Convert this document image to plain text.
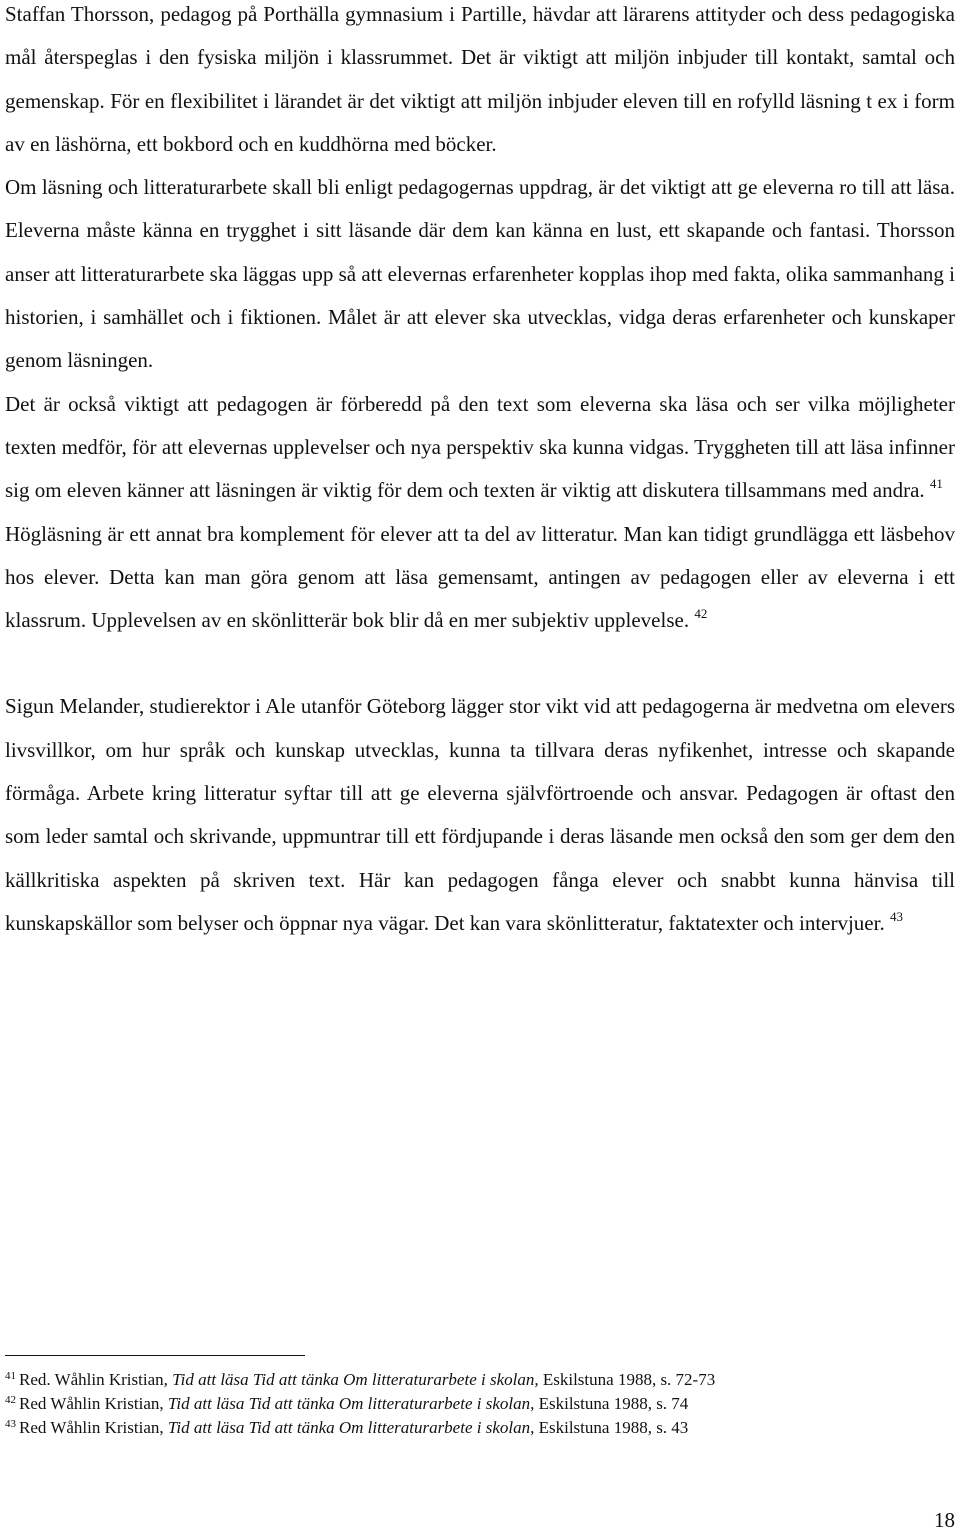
Staffan Thorsson, pedagog på Porthälla gymnasium i Partille, hävdar att lärarens attityder och dess pedagogiska mål återspeglas i den fysiska miljön i klassrummet. Det är viktigt att miljön inbjuder till kontakt, samtal och gemenskap. För en flexibilitet i lärandet är det viktigt att miljön inbjuder eleven till en rofylld läsning t ex i form av en läshörna, ett bokbord och en kuddhörna med böcker.

Om läsning och litteraturarbete skall bli enligt pedagogernas uppdrag, är det viktigt att ge eleverna ro till att läsa. Eleverna måste känna en trygghet i sitt läsande där dem kan känna en lust, ett skapande och fantasi. Thorsson anser att litteraturarbete ska läggas upp så att elevernas erfarenheter kopplas ihop med fakta, olika sammanhang i historien, i samhället och i fiktionen. Målet är att elever ska utvecklas, vidga deras erfarenheter och kunskaper genom läsningen.

Det är också viktigt att pedagogen är förberedd på den text som eleverna ska läsa och ser vilka möjligheter texten medför, för att elevernas upplevelser och nya perspektiv ska kunna vidgas. Tryggheten till att läsa infinner sig om eleven känner att läsningen är viktig för dem och texten är viktig att diskutera tillsammans med andra. $^{41}$

Högläsning är ett annat bra komplement för elever att ta del av litteratur. Man kan tidigt grundlägga ett läsbehov hos elever. Detta kan man göra genom att läsa gemensamt, antingen av pedagogen eller av eleverna i ett klassrum. Upplevelsen av en skönlitterär bok blir då en mer subjektiv upplevelse. $^{42}$

Sigun Melander, studierektor i Ale utanför Göteborg lägger stor vikt vid att pedagogerna är medvetna om elevers livsvillkor, om hur språk och kunskap utvecklas, kunna ta tillvara deras nyfikenhet, intresse och skapande förmåga. Arbete kring litteratur syftar till att ge eleverna självförtroende och ansvar. Pedagogen är oftast den som leder samtal och skrivande, uppmuntrar till ett fördjupande i deras läsande men också den som ger dem den källkritiska aspekten på skriven text. Här kan pedagogen fånga elever och snabbt kunna hänvisa till kunskapskällor som belyser och öppnar nya vägar. Det kan vara skönlitteratur, faktatexter och intervjuer. $^{43}$

$^{41}$ Red. Wåhlin Kristian, Tid att läsa Tid att tänka Om litteraturarbete i skolan, Eskilstuna 1988, s. 72-73

$^{42}$ Red Wåhlin Kristian, Tid att läsa Tid att tänka Om litteraturarbete i skolan, Eskilstuna 1988, s. 74

$^{43}$ Red Wåhlin Kristian, Tid att läsa Tid att tänka Om litteraturarbete i skolan, Eskilstuna 1988, s. 43

18
